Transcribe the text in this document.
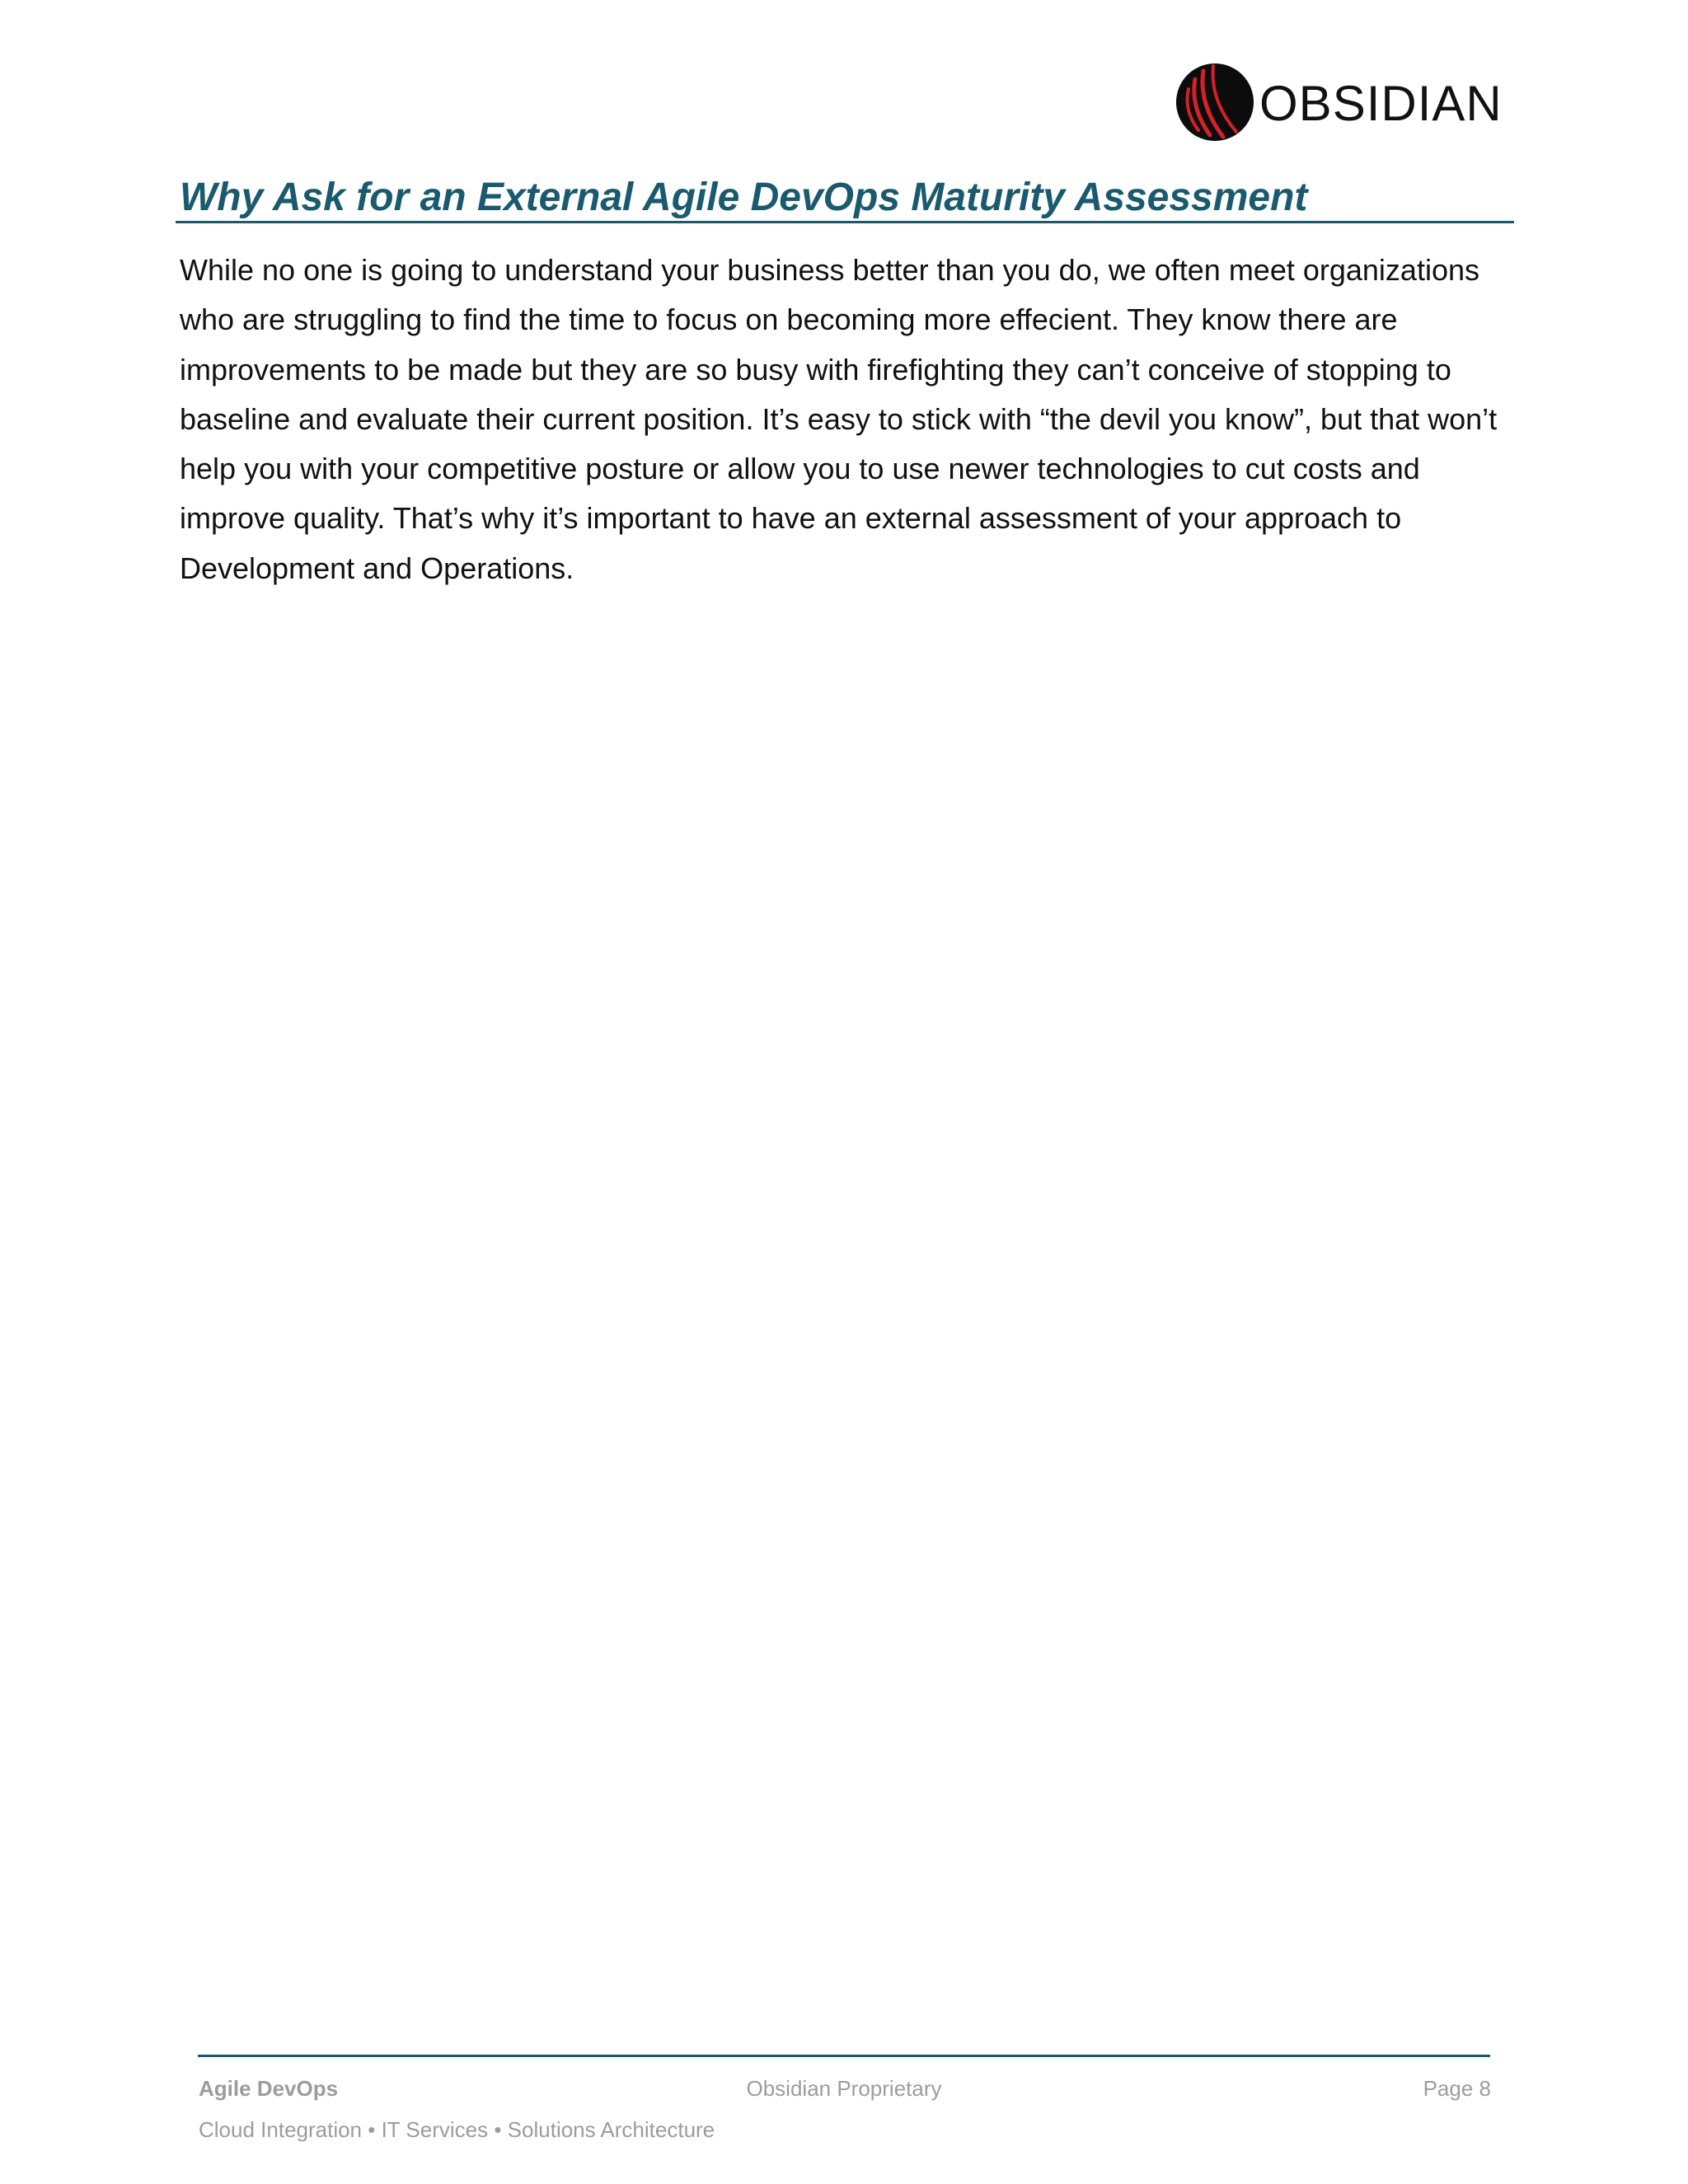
OBSIDIAN
Why Ask for an External Agile DevOps Maturity Assessment

While no one is going to understand your business better than you do, we often meet organizations who are struggling to find the time to focus on becoming more effecient. They know there are improvements to be made but they are so busy with firefighting they can’t conceive of stopping to baseline and evaluate their current position. It’s easy to stick with “the devil you know”, but that won’t help you with your competitive posture or allow you to use newer technologies to cut costs and improve quality. That’s why it’s important to have an external assessment of your approach to Development and Operations.

Agile DevOps	Obsidian Proprietary	Page 8
Cloud Integration • IT Services • Solutions Architecture
